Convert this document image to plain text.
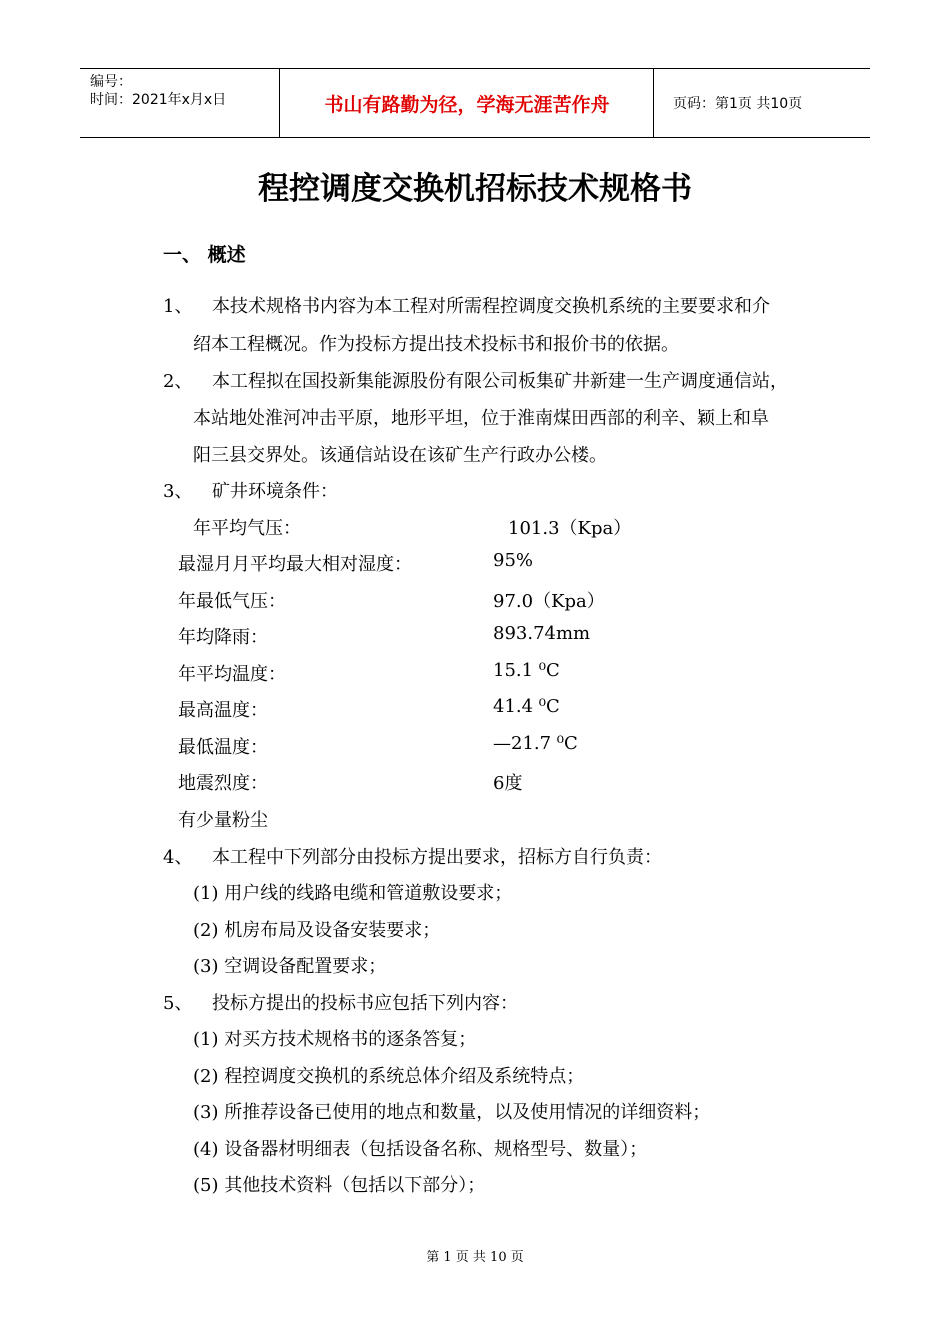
编号：
时间：2021年x月x日	书山有路勤为径，学海无涯苦作舟	页码：第1页 共10页
程控调度交换机招标技术规格书
一、 概述
1、 本技术规格书内容为本工程对所需程控调度交换机系统的主要要求和介
绍本工程概况。作为投标方提出技术投标书和报价书的依据。
2、 本工程拟在国投新集能源股份有限公司板集矿井新建一生产调度通信站，
本站地处淮河冲击平原，地形平坦，位于淮南煤田西部的利辛、颖上和阜
阳三县交界处。该通信站设在该矿生产行政办公楼。
3、 矿井环境条件：
年平均气压：	101.3（Kpa）
最湿月月平均最大相对湿度：	95%
年最低气压：	97.0（Kpa）
年均降雨：	893.74mm
年平均温度：	15.1 ⁰C
最高温度：	41.4 ⁰C
最低温度：	—21.7 ⁰C
地震烈度：	6度
有少量粉尘
4、 本工程中下列部分由投标方提出要求，招标方自行负责：
(1) 用户线的线路电缆和管道敷设要求；
(2) 机房布局及设备安装要求；
(3) 空调设备配置要求；
5、 投标方提出的投标书应包括下列内容：
(1) 对买方技术规格书的逐条答复；
(2) 程控调度交换机的系统总体介绍及系统特点；
(3) 所推荐设备已使用的地点和数量，以及使用情况的详细资料；
(4) 设备器材明细表（包括设备名称、规格型号、数量）；
(5) 其他技术资料（包括以下部分）；
第 1 页 共 10 页
